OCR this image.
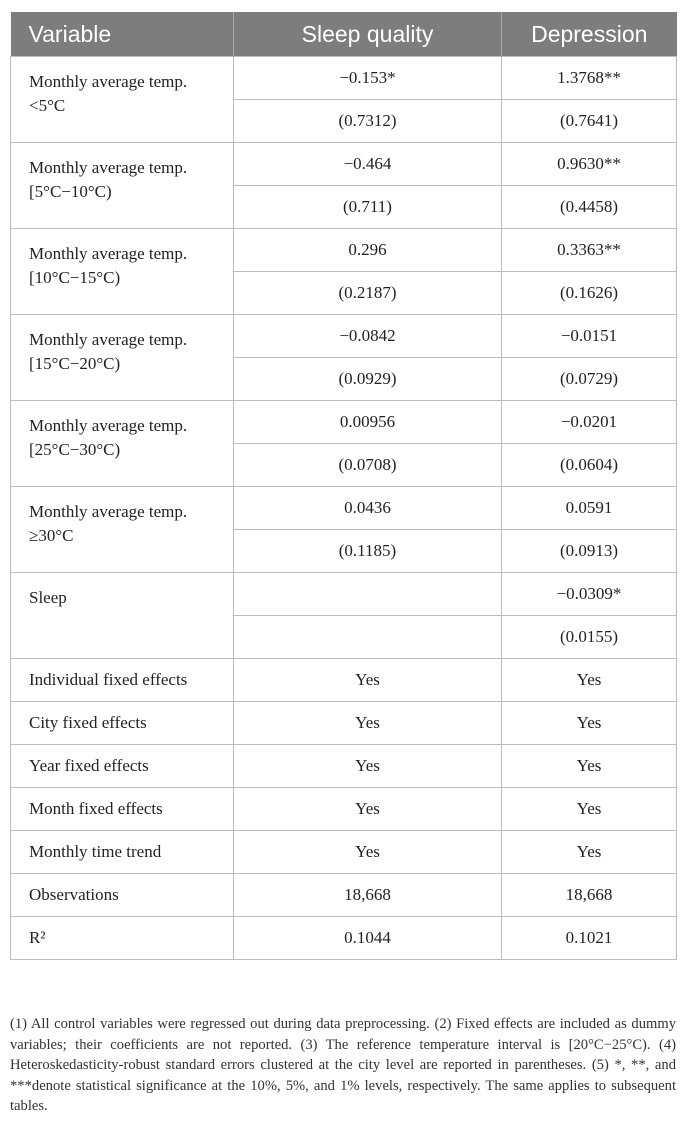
Variable	Sleep quality	Depression

Monthly average temp.
<5°C	−0.153*	1.3768**
	(0.7312)	(0.7641)

Monthly average temp.
[5°C−10°C)	−0.464	0.9630**
	(0.711)	(0.4458)

Monthly average temp.
[10°C−15°C)	0.296	0.3363**
	(0.2187)	(0.1626)

Monthly average temp.
[15°C−20°C)	−0.0842	−0.0151
	(0.0929)	(0.0729)

Monthly average temp.
[25°C−30°C)	0.00956	−0.0201
	(0.0708)	(0.0604)

Monthly average temp.
≥30°C	0.0436	0.0591
	(0.1185)	(0.0913)

Sleep		−0.0309*
		(0.0155)
Individual fixed effects	Yes	Yes
City fixed effects	Yes	Yes
Year fixed effects	Yes	Yes
Month fixed effects	Yes	Yes
Monthly time trend	Yes	Yes
Observations	18,668	18,668
R²	0.1044	0.1021

(1) All control variables were regressed out during data preprocessing. (2) Fixed effects are included as dummy variables; their coefficients are not reported. (3) The reference temperature interval is [20°C−25°C). (4) Heteroskedasticity-robust standard errors clustered at the city level are reported in parentheses. (5) *, **, and ***denote statistical significance at the 10%, 5%, and 1% levels, respectively. The same applies to subsequent tables.
